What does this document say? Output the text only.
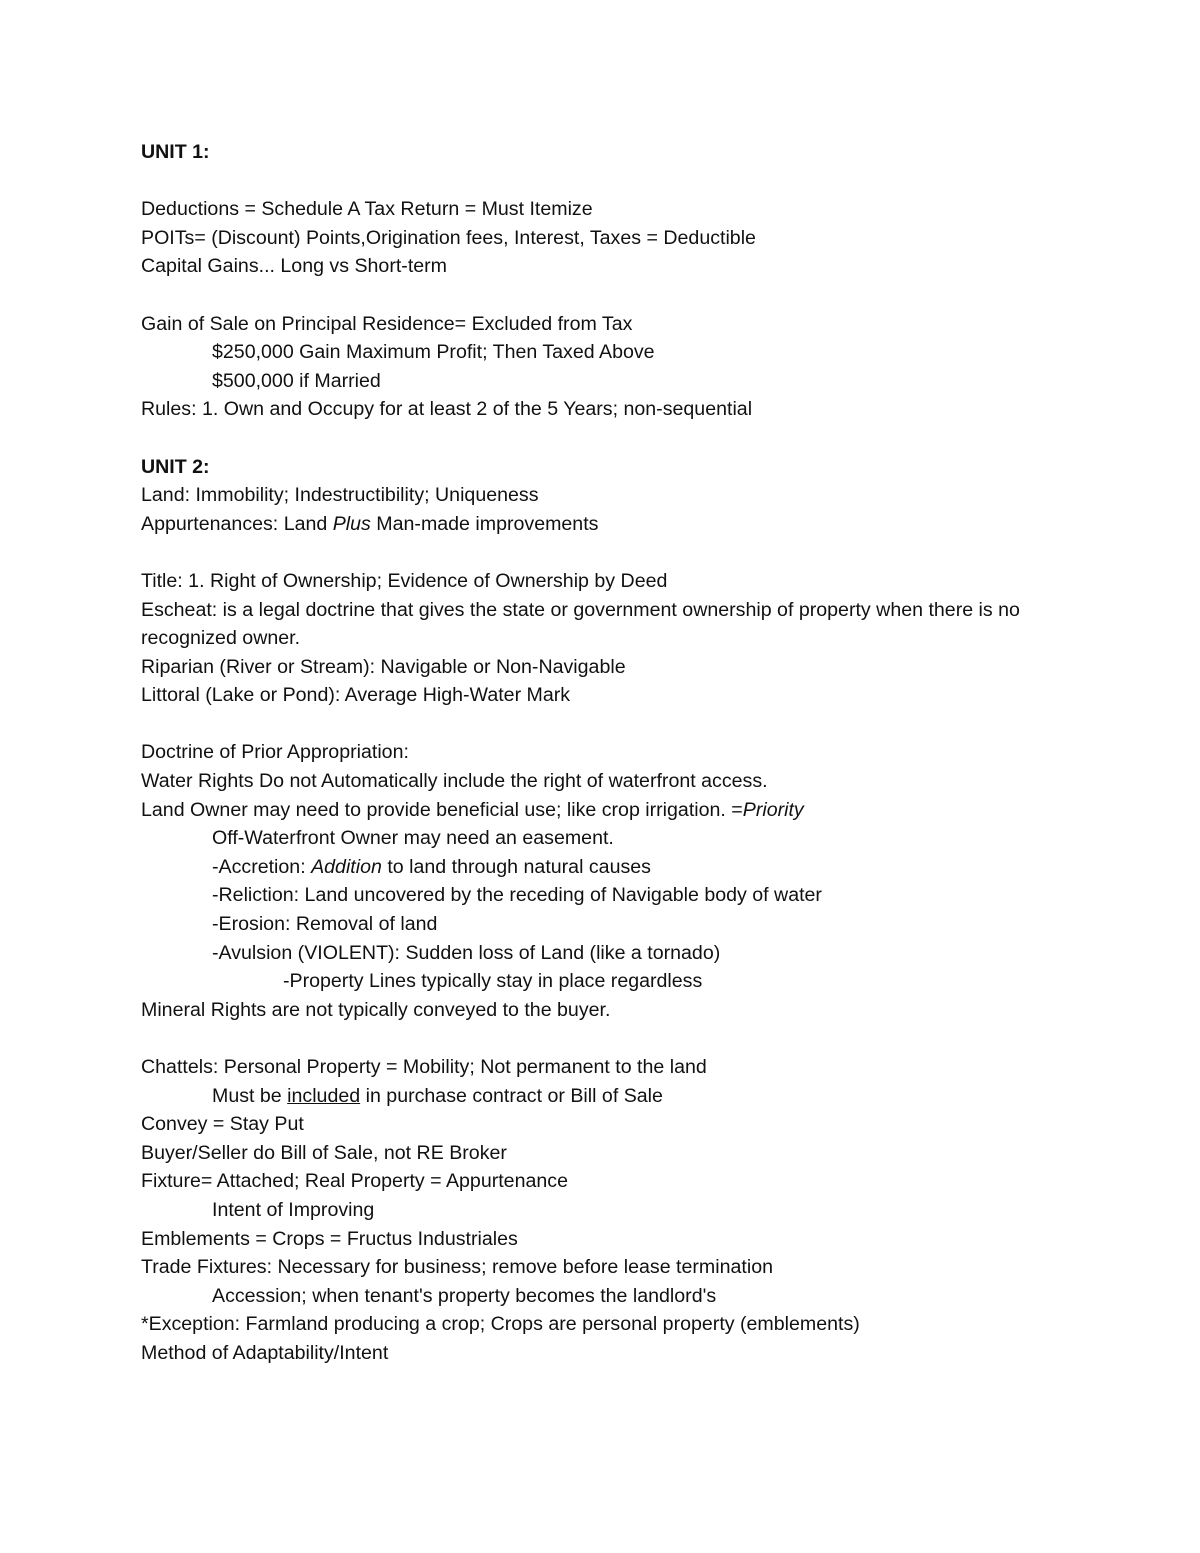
UNIT 1:
Deductions = Schedule A Tax Return = Must Itemize
POITs= (Discount) Points,Origination fees, Interest, Taxes = Deductible
Capital Gains... Long vs Short-term
Gain of Sale on Principal Residence= Excluded from Tax
$250,000 Gain Maximum Profit; Then Taxed Above
$500,000 if Married
Rules: 1. Own and Occupy for at least 2 of the 5 Years; non-sequential
UNIT 2:
Land: Immobility; Indestructibility; Uniqueness
Appurtenances: Land Plus Man-made improvements
Title: 1. Right of Ownership; Evidence of Ownership by Deed
Escheat: is a legal doctrine that gives the state or government ownership of property when there is no recognized owner.
Riparian (River or Stream): Navigable or Non-Navigable
Littoral (Lake or Pond): Average High-Water Mark
Doctrine of Prior Appropriation:
Water Rights Do not Automatically include the right of waterfront access.
Land Owner may need to provide beneficial use; like crop irrigation. =Priority
Off-Waterfront Owner may need an easement.
-Accretion: Addition to land through natural causes
-Reliction: Land uncovered by the receding of Navigable body of water
-Erosion: Removal of land
-Avulsion (VIOLENT): Sudden loss of Land (like a tornado)
-Property Lines typically stay in place regardless
Mineral Rights are not typically conveyed to the buyer.
Chattels: Personal Property = Mobility; Not permanent to the land
Must be included in purchase contract or Bill of Sale
Convey = Stay Put
Buyer/Seller do Bill of Sale, not RE Broker
Fixture= Attached; Real Property = Appurtenance
Intent of Improving
Emblements = Crops = Fructus Industriales
Trade Fixtures: Necessary for business; remove before lease termination
Accession; when tenant's property becomes the landlord's
*Exception: Farmland producing a crop; Crops are personal property (emblements)
Method of Adaptability/Intent
